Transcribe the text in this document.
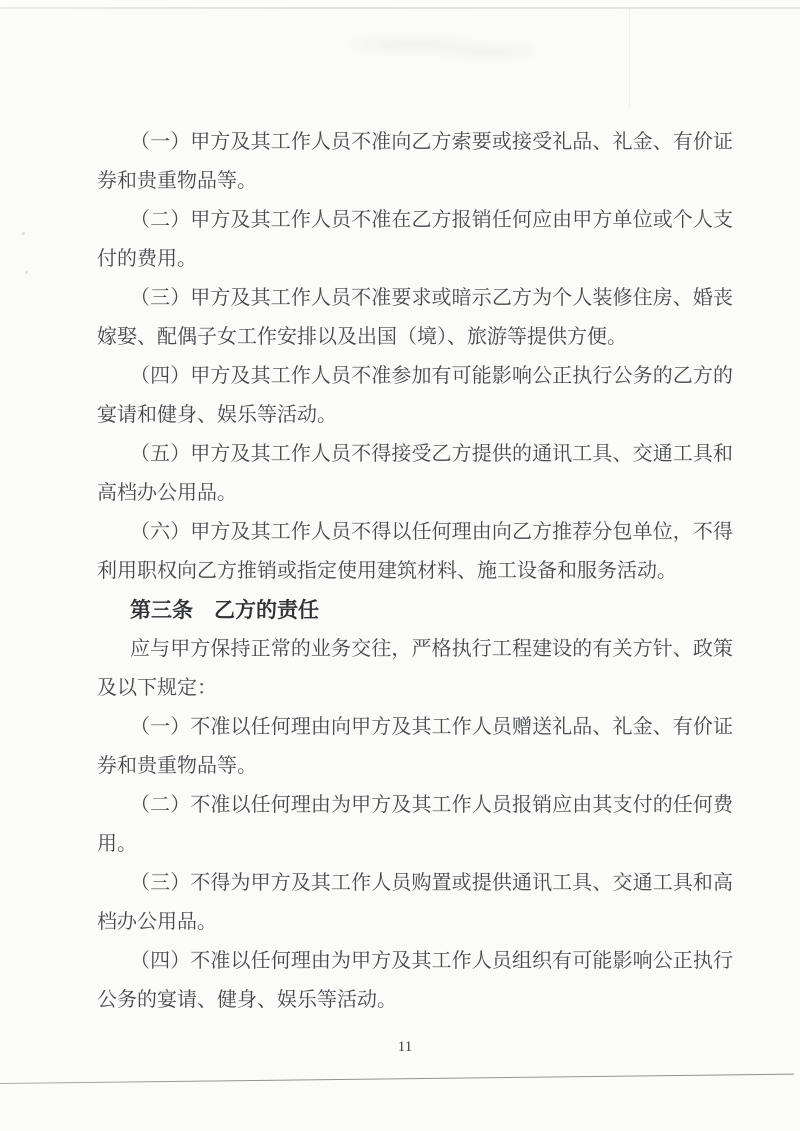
（一）甲方及其工作人员不准向乙方索要或接受礼品、礼金、有价证
券和贵重物品等。
（二）甲方及其工作人员不准在乙方报销任何应由甲方单位或个人支
付的费用。
（三）甲方及其工作人员不准要求或暗示乙方为个人装修住房、婚丧
嫁娶、配偶子女工作安排以及出国（境）、旅游等提供方便。
（四）甲方及其工作人员不准参加有可能影响公正执行公务的乙方的
宴请和健身、娱乐等活动。
（五）甲方及其工作人员不得接受乙方提供的通讯工具、交通工具和
高档办公用品。
（六）甲方及其工作人员不得以任何理由向乙方推荐分包单位，不得
利用职权向乙方推销或指定使用建筑材料、施工设备和服务活动。
第三条　乙方的责任
应与甲方保持正常的业务交往，严格执行工程建设的有关方针、政策
及以下规定：
（一）不准以任何理由向甲方及其工作人员赠送礼品、礼金、有价证
券和贵重物品等。
（二）不准以任何理由为甲方及其工作人员报销应由其支付的任何费
用。
（三）不得为甲方及其工作人员购置或提供通讯工具、交通工具和高
档办公用品。
（四）不准以任何理由为甲方及其工作人员组织有可能影响公正执行
公务的宴请、健身、娱乐等活动。
11
